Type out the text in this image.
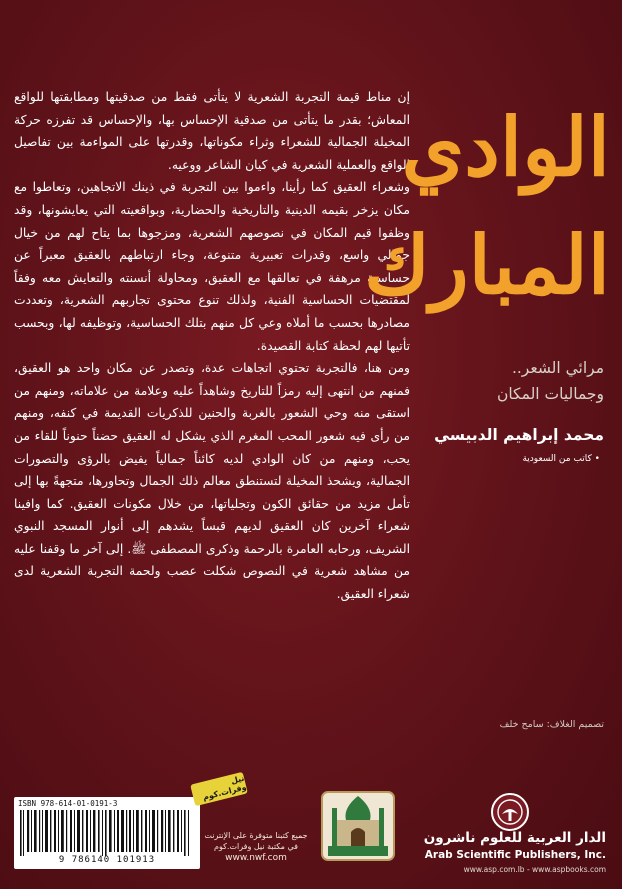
إن مناط قيمة التجربة الشعرية لا يتأتى فقط من صدقيتها ومطابقتها للواقع المعاش؛ بقدر ما يتأتى من صدقية الإحساس بها، والإحساس قد تفرزه حركة المخيلة الجمالية للشعراء وثراء مكوناتها، وقدرتها على المواءمة بين تفاصيل الواقع والعملية الشعرية في كيان الشاعر ووعيه.

وشعراء العقيق كما رأينا، واءموا بين التجربة في ذينك الاتجاهين، وتعاطوا مع مكان يزخر بقيمه الدينية والتاريخية والحضارية، وبواقعيته التي يعايشونها، وقد وظفوا قيم المكان في نصوصهم الشعرية، ومزجوها بما يتاح لهم من خيال جمالي واسع، وقدرات تعبيرية متنوعة، وجاء ارتباطهم بالعقيق معبراً عن حساسية مرهفة في تعالقها مع العقيق، ومحاولة أنسنته والتعايش معه وفقاً لمقتضيات الحساسية الفنية، ولذلك تنوع محتوى تجاربهم الشعرية، وتعددت مصادرها بحسب ما أملاه وعي كل منهم بتلك الحساسية، وتوظيفه لها، وبحسب تأتيها لهم لحظة كتابة القصيدة.

ومن هنا، فالتجربة تحتوي اتجاهات عدة، وتصدر عن مكان واحد هو العقيق، فمنهم من انتهى إليه رمزاً للتاريخ وشاهداً عليه وعلامة من علاماته، ومنهم من استقى منه وحي الشعور بالغربة والحنين للذكريات القديمة في كنفه، ومنهم من رأى فيه شعور المحب المغرم الذي يشكل له العقيق حضناً حنوناً للقاء من يحب، ومنهم من كان الوادي لديه كائناً جمالياً يفيض بالرؤى والتصورات الجمالية، ويشحذ المخيلة لتستنطق معالم ذلك الجمال وتحاورها، متجهةً بها إلى تأمل مزيد من حقائق الكون وتجلياتها، من خلال مكونات العقيق. كما وافينا شعراء آخرين كان العقيق لديهم قبساً يشدهم إلى أنوار المسجد النبوي الشريف، ورحابه العامرة بالرحمة وذكرى المصطفى ﷺ. إلى آخر ما وقفنا عليه من مشاهد شعرية في النصوص شكلت عصب ولحمة التجربة الشعرية لدى شعراء العقيق.

الوادي
المبارك
مرائي الشعر..
وجماليات المكان
محمد إبراهيم الدبيسي
• كاتب من السعودية
تصميم الغلاف: سامح خلف
ISBN 978-614-01-0191-3
9 786140 101913
نيل وفرات.كوم
جميع كتبنا متوفرة على الإنترنت
في مكتبة نيل وفرات.كوم
www.nwf.com
الدار العربية للعلوم ناشرون
Arab Scientific Publishers, Inc.
www.asp.com.lb - www.aspbooks.com
